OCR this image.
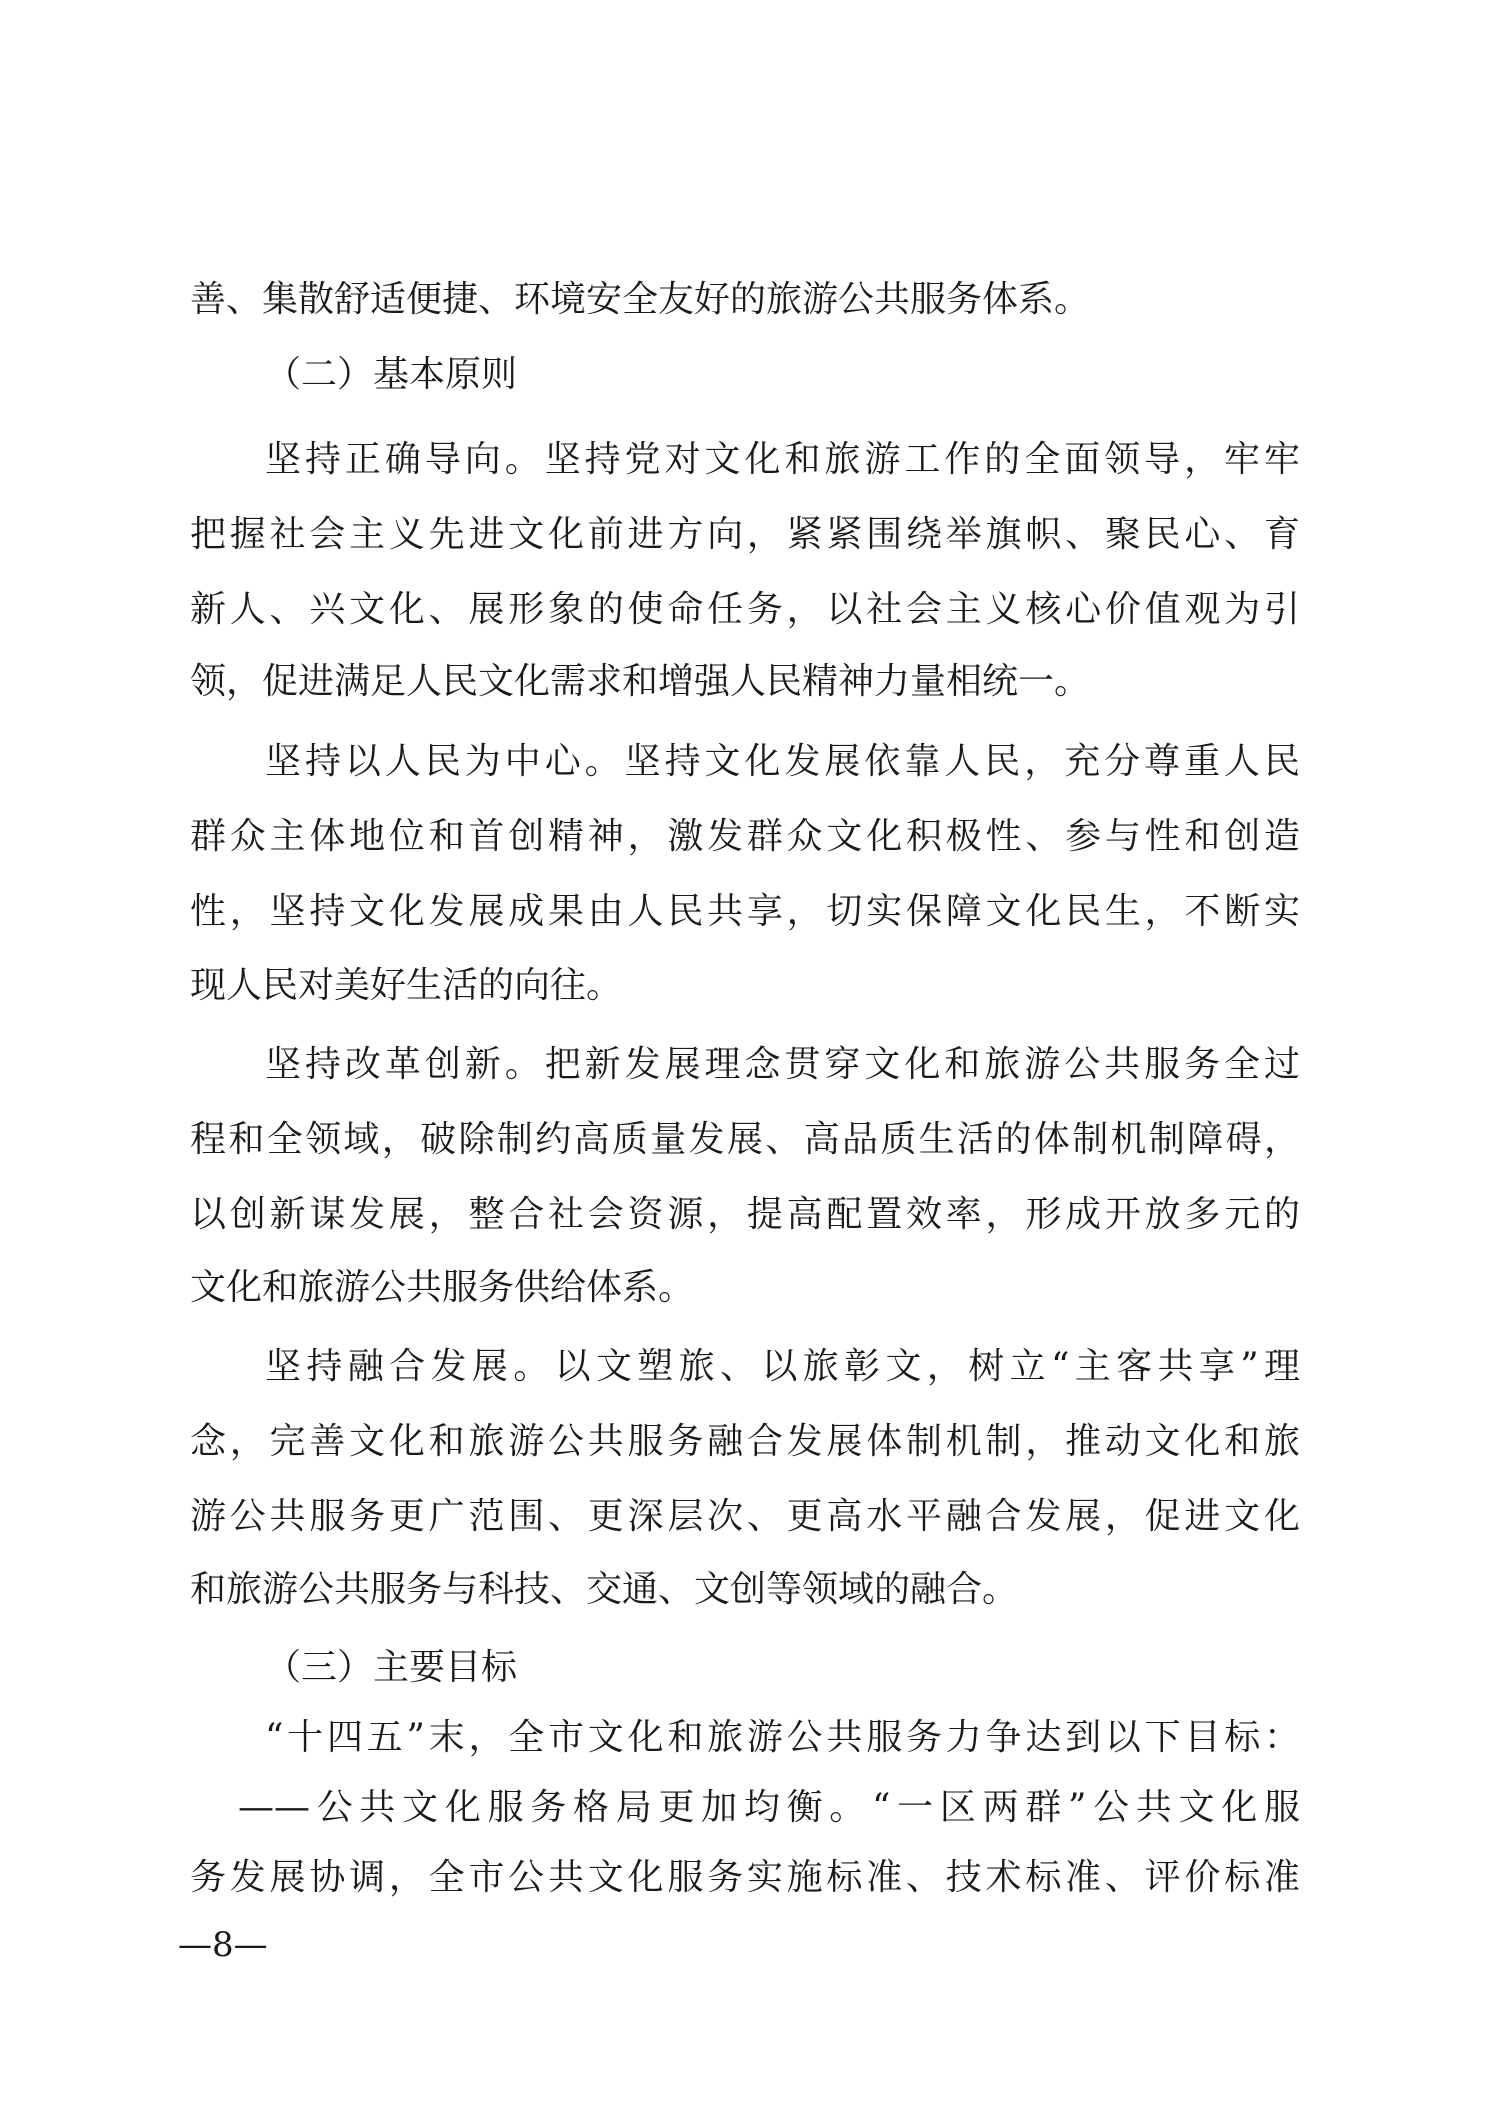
善、集散舒适便捷、环境安全友好的旅游公共服务体系。
（二）基本原则
坚持正确导向。坚持党对文化和旅游工作的全面领导，牢牢
把握社会主义先进文化前进方向，紧紧围绕举旗帜、聚民心、育
新人、兴文化、展形象的使命任务，以社会主义核心价值观为引
领，促进满足人民文化需求和增强人民精神力量相统一。
坚持以人民为中心。坚持文化发展依靠人民，充分尊重人民
群众主体地位和首创精神，激发群众文化积极性、参与性和创造
性，坚持文化发展成果由人民共享，切实保障文化民生，不断实
现人民对美好生活的向往。
坚持改革创新。把新发展理念贯穿文化和旅游公共服务全过
程和全领域，破除制约高质量发展、高品质生活的体制机制障碍，
以创新谋发展，整合社会资源，提高配置效率，形成开放多元的
文化和旅游公共服务供给体系。
坚持融合发展。以文塑旅、以旅彰文，树立“主客共享”理
念，完善文化和旅游公共服务融合发展体制机制，推动文化和旅
游公共服务更广范围、更深层次、更高水平融合发展，促进文化
和旅游公共服务与科技、交通、文创等领域的融合。
（三）主要目标
“十四五”末，全市文化和旅游公共服务力争达到以下目标：
——公共文化服务格局更加均衡。“一区两群”公共文化服
务发展协调，全市公共文化服务实施标准、技术标准、评价标准
—8—
